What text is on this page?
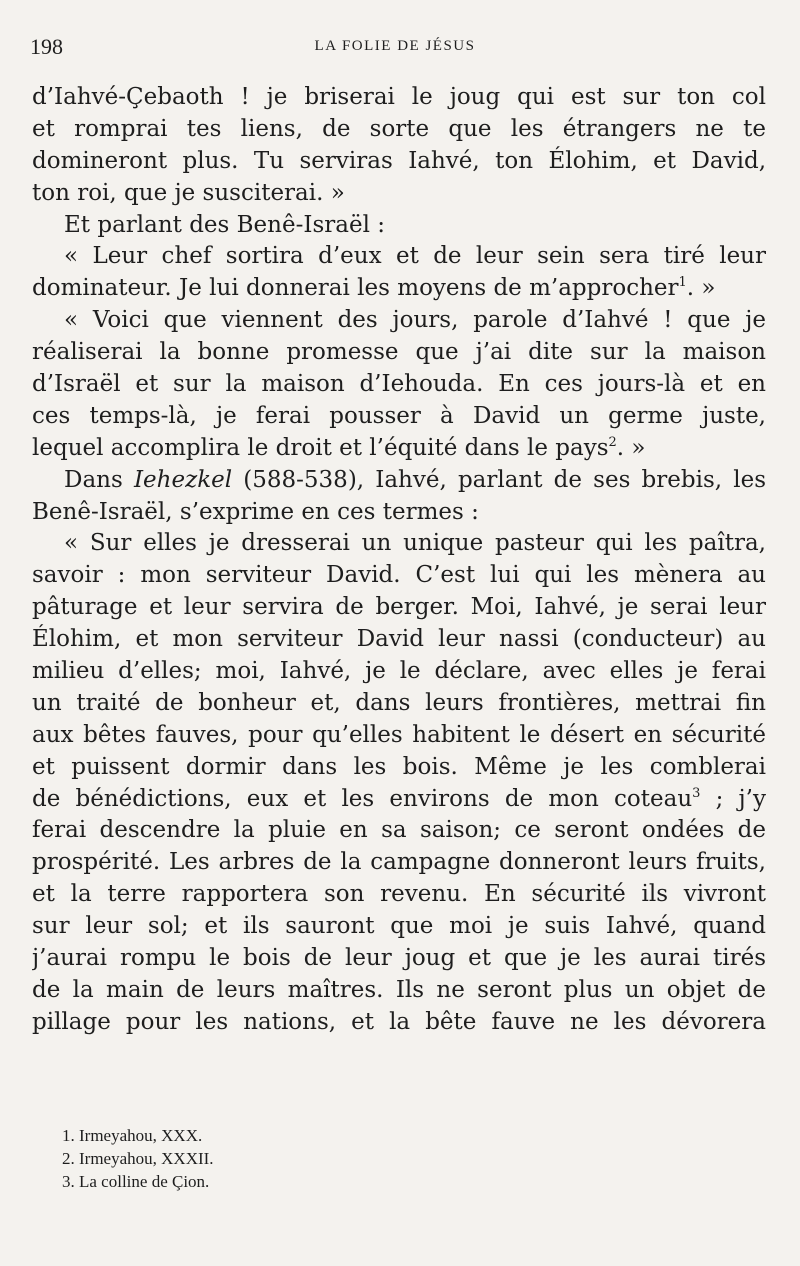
198	LA FOLIE DE JÉSUS
d’Iahvé-Çebaoth ! je briserai le joug qui est sur ton col
et romprai tes liens, de sorte que les étrangers ne te
domineront plus. Tu serviras Iahvé, ton Élohim, et David,
ton roi, que je susciterai. »
Et parlant des Benê-Israël :
« Leur chef sortira d’eux et de leur sein sera tiré leur
dominateur. Je lui donnerai les moyens de m’approcher$^1$. »
« Voici que viennent des jours, parole d’Iahvé ! que je
réaliserai la bonne promesse que j’ai dite sur la maison
d’Israël et sur la maison d’Iehouda. En ces jours-là et en
ces temps-là, je ferai pousser à David un germe juste,
lequel accomplira le droit et l’équité dans le pays$^2$. »
Dans Iehezkel (588-538), Iahvé, parlant de ses brebis, les
Benê-Israël, s’exprime en ces termes :
« Sur elles je dresserai un unique pasteur qui les paîtra,
savoir : mon serviteur David. C’est lui qui les mènera au
pâturage et leur servira de berger. Moi, Iahvé, je serai leur
Élohim, et mon serviteur David leur nassi (conducteur) au
milieu d’elles; moi, Iahvé, je le déclare, avec elles je ferai
un traité de bonheur et, dans leurs frontières, mettrai fin
aux bêtes fauves, pour qu’elles habitent le désert en sécurité
et puissent dormir dans les bois. Même je les comblerai
de bénédictions, eux et les environs de mon coteau$^3$ ; j’y
ferai descendre la pluie en sa saison; ce seront ondées de
prospérité. Les arbres de la campagne donneront leurs fruits,
et la terre rapportera son revenu. En sécurité ils vivront
sur leur sol; et ils sauront que moi je suis Iahvé, quand
j’aurai rompu le bois de leur joug et que je les aurai tirés
de la main de leurs maîtres. Ils ne seront plus un objet de
pillage pour les nations, et la bête fauve ne les dévorera
1. Irmeyahou, XXX.
2. Irmeyahou, XXXII.
3. La colline de Çion.
